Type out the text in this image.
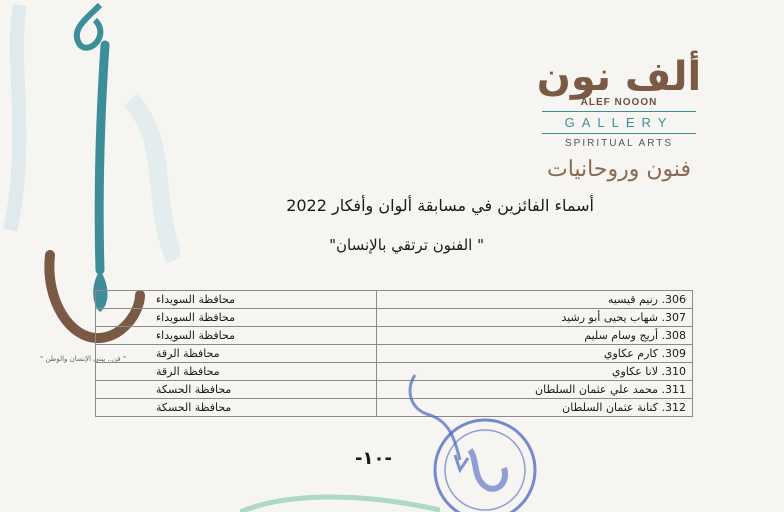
" فن.. يبني الإنسان والوطن "
ألف نون
ALEF NOOON
GALLERY
SPIRITUAL ARTS
فنون وروحانيات
أسماء الفائزين في مسابقة ألوان وأفكار 2022
" الفنون ترتقي بالإنسان"
306. رنيم قيسيه	محافظة السويداء
307. شهاب يحيى أبو رشيد	محافظة السويداء
308. أريج وسام سليم	محافظة السويداء
309. كارم عكاوي	محافظة الرقة
310. لانا عكاوي	محافظة الرقة
311. محمد علي عثمان السلطان	محافظة الحسكة
312. كنانة عثمان السلطان	محافظة الحسكة
-١٠-
